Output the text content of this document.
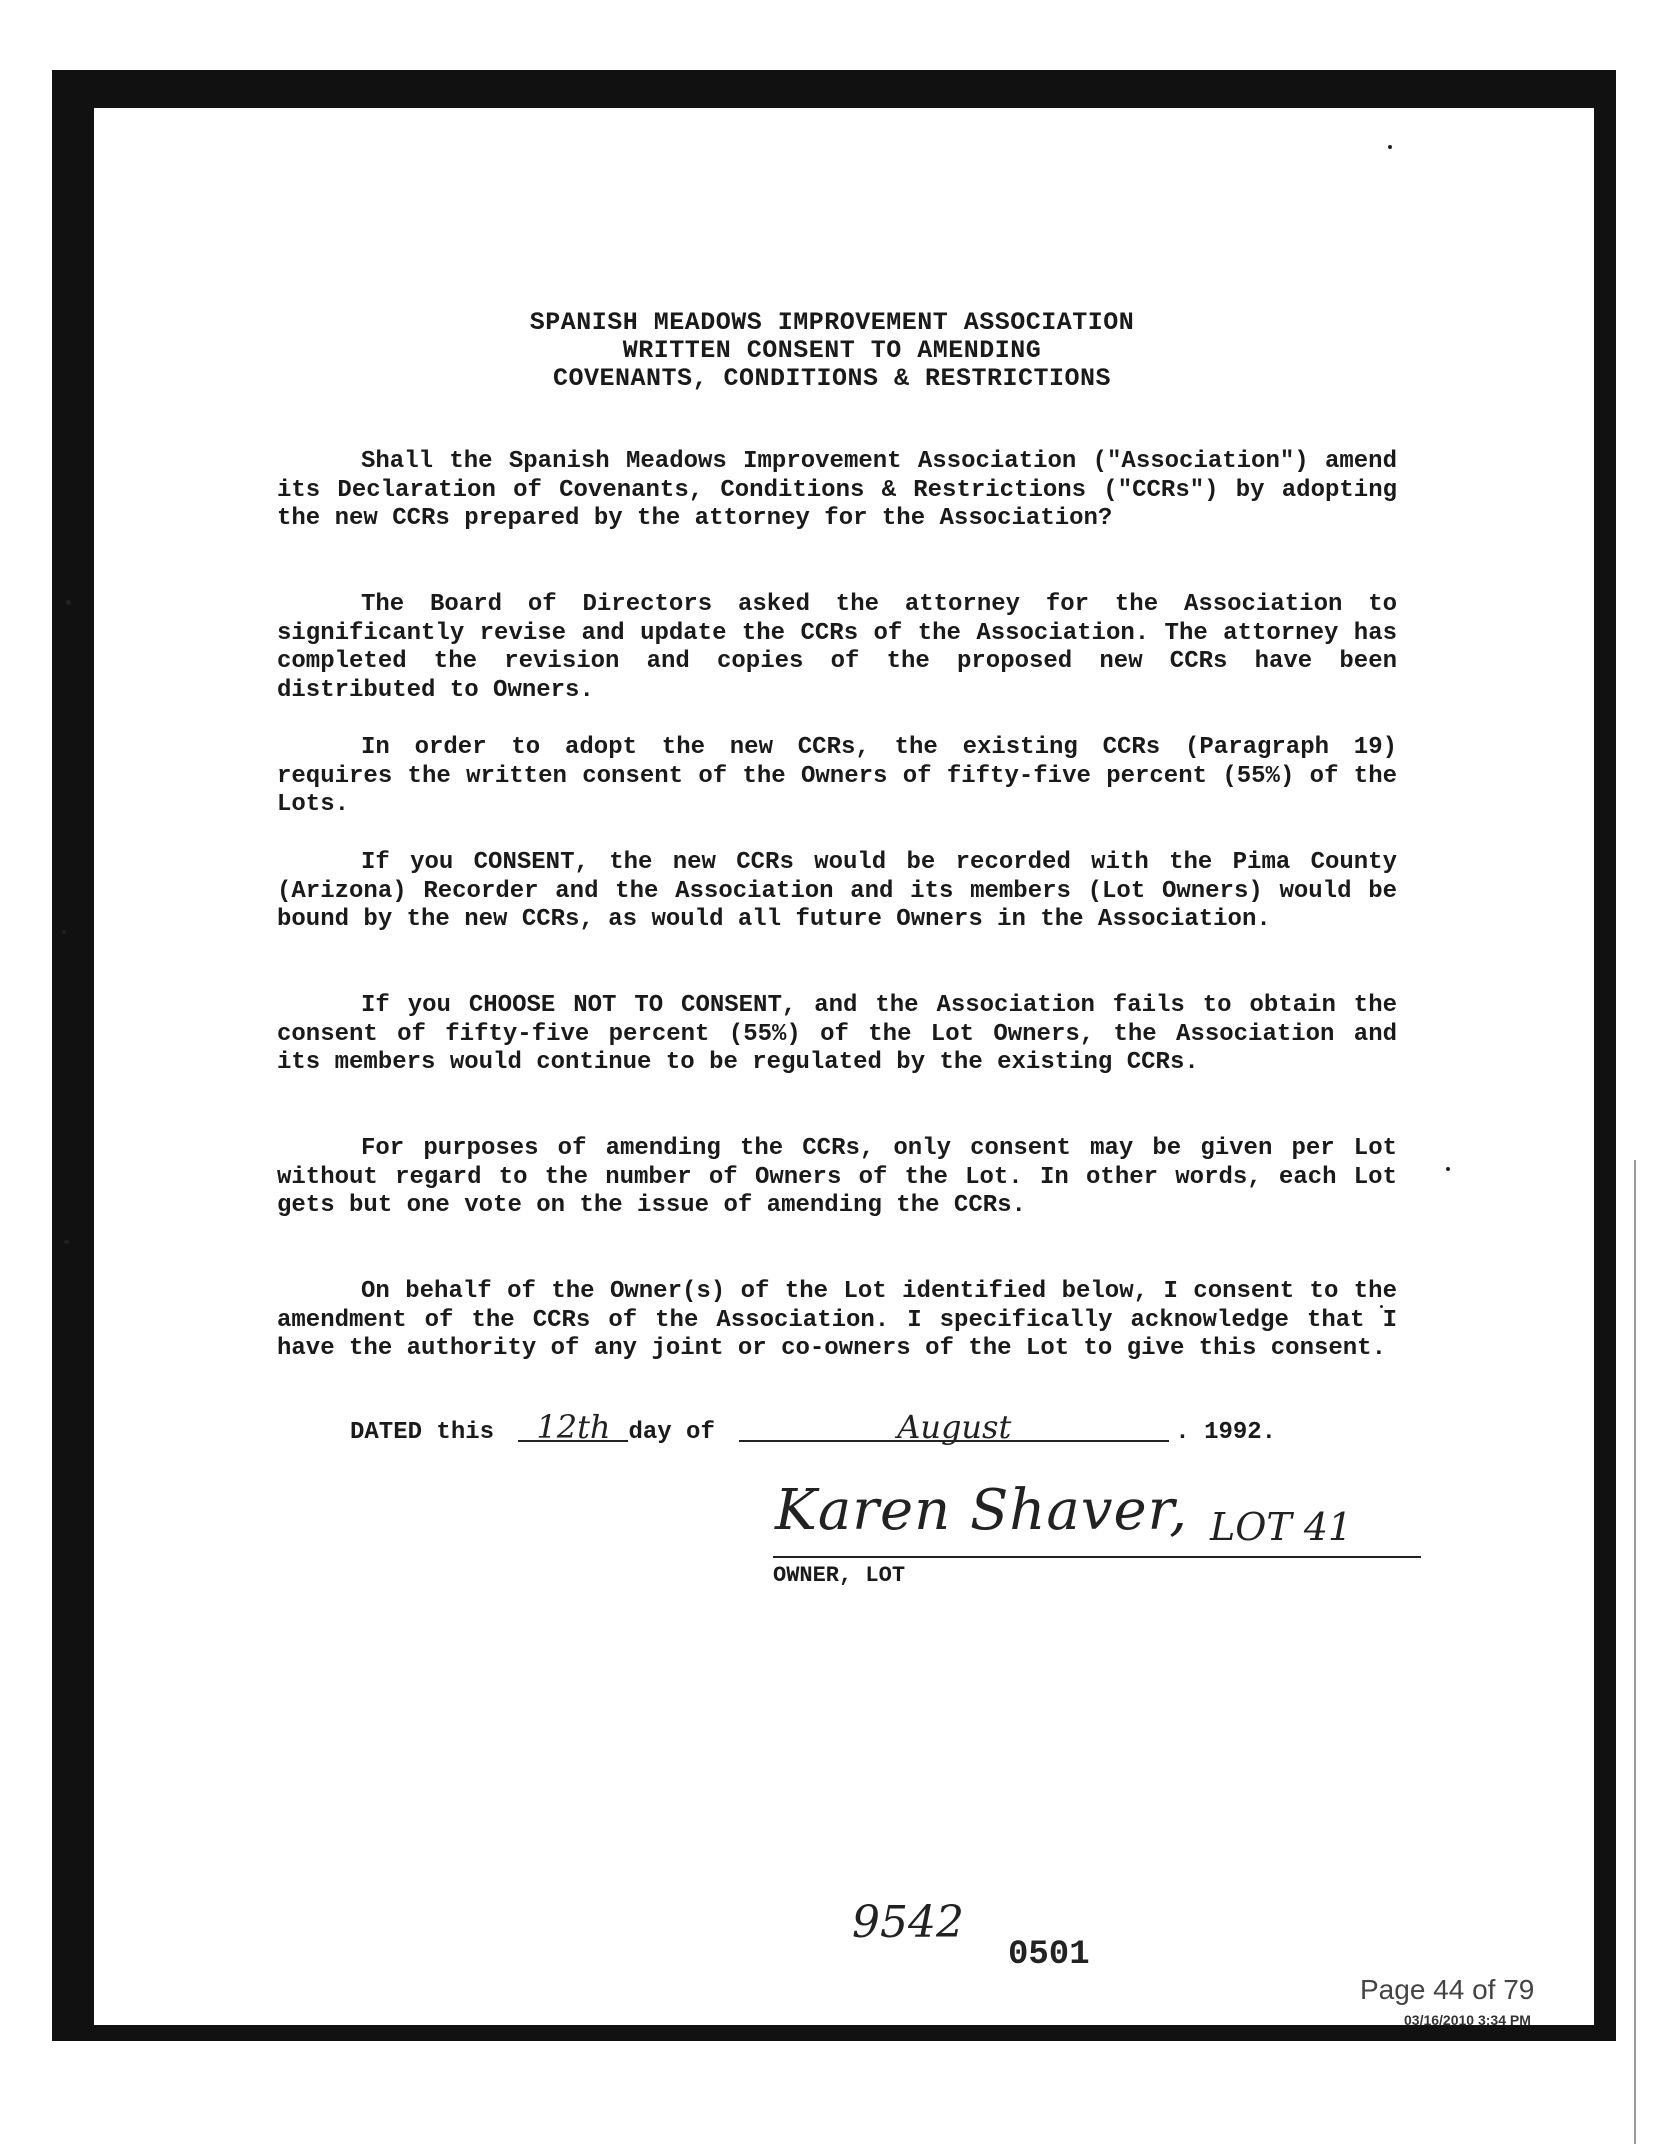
SPANISH MEADOWS IMPROVEMENT ASSOCIATION
WRITTEN CONSENT TO AMENDING
COVENANTS, CONDITIONS & RESTRICTIONS

Shall the Spanish Meadows Improvement Association ("Association") amend its Declaration of Covenants, Conditions & Restrictions ("CCRs") by adopting the new CCRs prepared by the attorney for the Association?

The Board of Directors asked the attorney for the Association to significantly revise and update the CCRs of the Association. The attorney has completed the revision and copies of the proposed new CCRs have been distributed to Owners.

In order to adopt the new CCRs, the existing CCRs (Paragraph 19) requires the written consent of the Owners of fifty-five percent (55%) of the Lots.

If you CONSENT, the new CCRs would be recorded with the Pima County (Arizona) Recorder and the Association and its members (Lot Owners) would be bound by the new CCRs, as would all future Owners in the Association.

If you CHOOSE NOT TO CONSENT, and the Association fails to obtain the consent of fifty-five percent (55%) of the Lot Owners, the Association and its members would continue to be regulated by the existing CCRs.

For purposes of amending the CCRs, only consent may be given per Lot without regard to the number of Owners of the Lot. In other words, each Lot gets but one vote on the issue of amending the CCRs.

On behalf of the Owner(s) of the Lot identified below, I consent to the amendment of the CCRs of the Association. I specifically acknowledge that I have the authority of any joint or co-owners of the Lot to give this consent.

DATED this 12th day of	August	. 1992.
Karen Shaver, LOT 41
OWNER, LOT
9542
0501
Page 44 of 79
03/16/2010 3:34 PM
